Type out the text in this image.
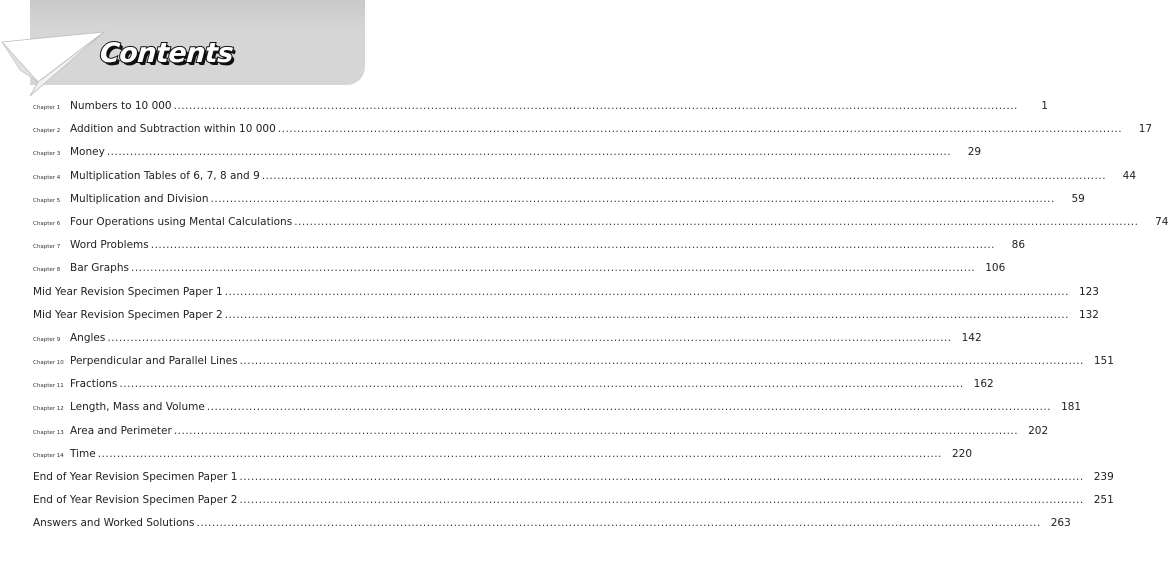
Contents
Chapter 1 Numbers to 10 000 ............................................................................................................................................................................................................................	1
Chapter 2 Addition and Subtraction within 10 000 ............................................................................................................................................................................................................................	17
Chapter 3 Money ............................................................................................................................................................................................................................	29
Chapter 4 Multiplication Tables of 6, 7, 8 and 9 ............................................................................................................................................................................................................................	44
Chapter 5 Multiplication and Division ............................................................................................................................................................................................................................	59
Chapter 6 Four Operations using Mental Calculations ............................................................................................................................................................................................................................	74
Chapter 7 Word Problems ............................................................................................................................................................................................................................	86
Chapter 8 Bar Graphs ............................................................................................................................................................................................................................ 106
Mid Year Revision Specimen Paper 1 ............................................................................................................................................................................................................................ 123
Mid Year Revision Specimen Paper 2 ............................................................................................................................................................................................................................ 132
Chapter 9 Angles ............................................................................................................................................................................................................................ 142
Chapter 10 Perpendicular and Parallel Lines ............................................................................................................................................................................................................................ 151
Chapter 11 Fractions ............................................................................................................................................................................................................................ 162
Chapter 12 Length, Mass and Volume ............................................................................................................................................................................................................................ 181
Chapter 13 Area and Perimeter ............................................................................................................................................................................................................................ 202
Chapter 14 Time ............................................................................................................................................................................................................................ 220
End of Year Revision Specimen Paper 1 ............................................................................................................................................................................................................................ 239
End of Year Revision Specimen Paper 2 ............................................................................................................................................................................................................................ 251
Answers and Worked Solutions ............................................................................................................................................................................................................................ 263
